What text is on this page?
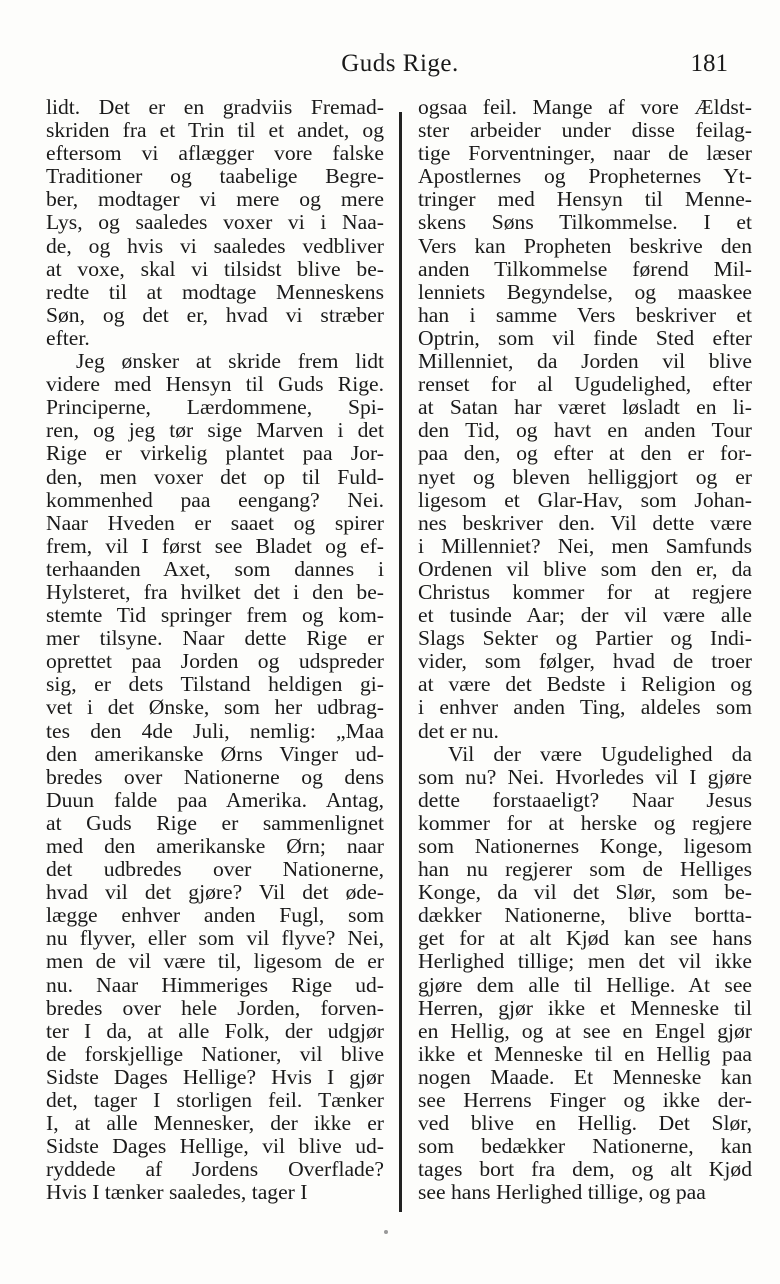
Guds Rige.	181
lidt. Det er en gradviis Fremad-
skriden fra et Trin til et andet, og
eftersom vi aflægger vore falske
Traditioner og taabelige Begre-
ber, modtager vi mere og mere
Lys, og saaledes voxer vi i Naa-
de, og hvis vi saaledes vedbliver
at voxe, skal vi tilsidst blive be-
redte til at modtage Menneskens
Søn, og det er, hvad vi stræber
efter.
Jeg ønsker at skride frem lidt
videre med Hensyn til Guds Rige.
Principerne, Lærdommene, Spi-
ren, og jeg tør sige Marven i det
Rige er virkelig plantet paa Jor-
den, men voxer det op til Fuld-
kommenhed paa eengang? Nei.
Naar Hveden er saaet og spirer
frem, vil I først see Bladet og ef-
terhaanden Axet, som dannes i
Hylsteret, fra hvilket det i den be-
stemte Tid springer frem og kom-
mer tilsyne. Naar dette Rige er
oprettet paa Jorden og udspreder
sig, er dets Tilstand heldigen gi-
vet i det Ønske, som her udbrag-
tes den 4de Juli, nemlig: „Maa
den amerikanske Ørns Vinger ud-
bredes over Nationerne og dens
Duun falde paa Amerika. Antag,
at Guds Rige er sammenlignet
med den amerikanske Ørn; naar
det udbredes over Nationerne,
hvad vil det gjøre? Vil det øde-
lægge enhver anden Fugl, som
nu flyver, eller som vil flyve? Nei,
men de vil være til, ligesom de er
nu. Naar Himmeriges Rige ud-
bredes over hele Jorden, forven-
ter I da, at alle Folk, der udgjør
de forskjellige Nationer, vil blive
Sidste Dages Hellige? Hvis I gjør
det, tager I storligen feil. Tænker
I, at alle Mennesker, der ikke er
Sidste Dages Hellige, vil blive ud-
ryddede af Jordens Overflade?
Hvis I tænker saaledes, tager I
ogsaa feil. Mange af vore Ældst-
ster arbeider under disse feilag-
tige Forventninger, naar de læser
Apostlernes og Propheternes Yt-
tringer med Hensyn til Menne-
skens Søns Tilkommelse. I et
Vers kan Propheten beskrive den
anden Tilkommelse førend Mil-
lenniets Begyndelse, og maaskee
han i samme Vers beskriver et
Optrin, som vil finde Sted efter
Millenniet, da Jorden vil blive
renset for al Ugudelighed, efter
at Satan har været løsladt en li-
den Tid, og havt en anden Tour
paa den, og efter at den er for-
nyet og bleven helliggjort og er
ligesom et Glar-Hav, som Johan-
nes beskriver den. Vil dette være
i Millenniet? Nei, men Samfunds
Ordenen vil blive som den er, da
Christus kommer for at regjere
et tusinde Aar; der vil være alle
Slags Sekter og Partier og Indi-
vider, som følger, hvad de troer
at være det Bedste i Religion og
i enhver anden Ting, aldeles som
det er nu.
Vil der være Ugudelighed da
som nu? Nei. Hvorledes vil I gjøre
dette forstaaeligt? Naar Jesus
kommer for at herske og regjere
som Nationernes Konge, ligesom
han nu regjerer som de Helliges
Konge, da vil det Slør, som be-
dækker Nationerne, blive bortta-
get for at alt Kjød kan see hans
Herlighed tillige; men det vil ikke
gjøre dem alle til Hellige. At see
Herren, gjør ikke et Menneske til
en Hellig, og at see en Engel gjør
ikke et Menneske til en Hellig paa
nogen Maade. Et Menneske kan
see Herrens Finger og ikke der-
ved blive en Hellig. Det Slør,
som bedækker Nationerne, kan
tages bort fra dem, og alt Kjød
see hans Herlighed tillige, og paa
